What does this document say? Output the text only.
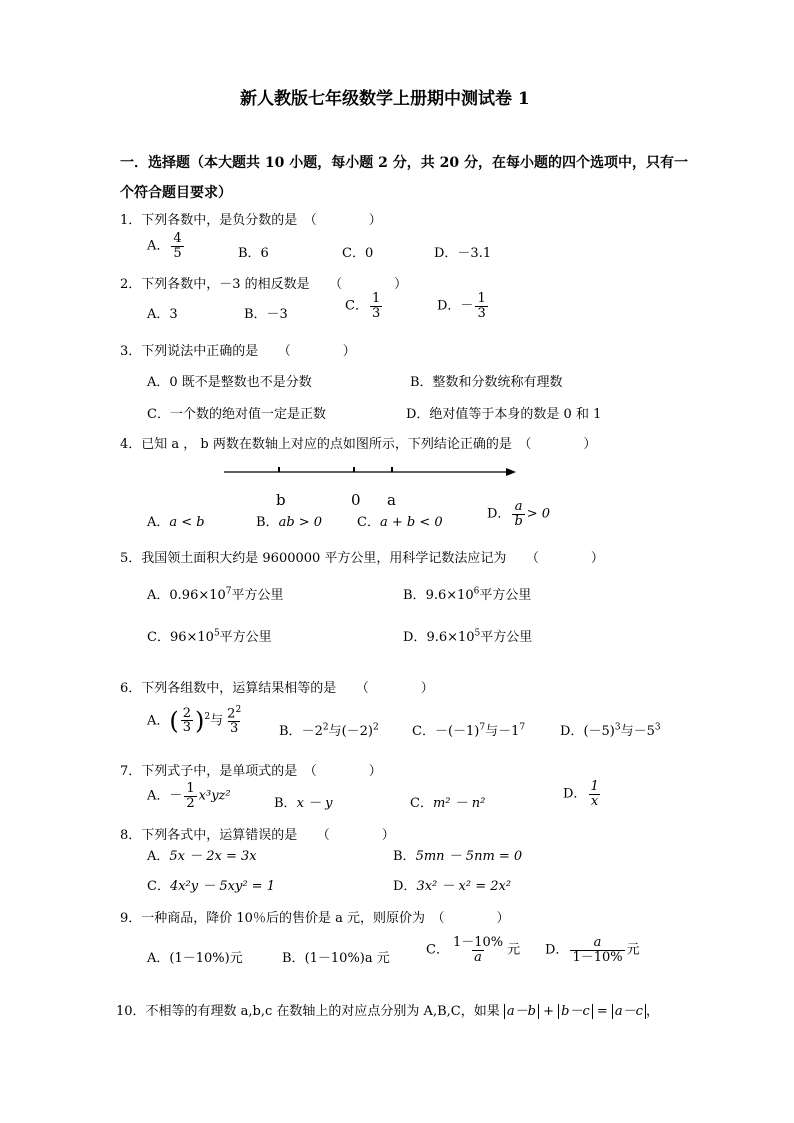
新人教版七年级数学上册期中测试卷 1
一．选择题（本大题共 10 小题，每小题 2 分，共 20 分，在每小题的四个选项中，只有一
个符合题目要求）
1．下列各数中，是负分数的是　（　　　　）
A． $\frac{4}{5}$	B．6	C．0	D．－3.1
2．下列各数中，－3 的相反数是　　（　　　　）
A．3	B．－3
C． $\frac{1}{3}$	D．－ $\frac{1}{3}$
3．下列说法中正确的是　　（　　　　）
A．0 既不是整数也不是分数	B．整数和分数统称有理数
C．一个数的绝对值一定是正数	D．绝对值等于本身的数是 0 和 1
4．已知 a ， b 两数在数轴上对应的点如图所示，下列结论正确的是　（　　　　）
b	0 a
A．a < b	B．ab > 0	C．a + b < 0
D． $\frac{a}{b} > 0$
5．我国领土面积大约是 9600000 平方公里，用科学记数法应记为　　（　　　　）
A．$0.96\times 10^7$平方公里	B．$9.6\times 10^6$平方公里
C．$96\times 10^5$平方公里	D．$9.6\times 10^5$平方公里
6．下列各组数中，运算结果相等的是　　（　　　　）
A．( $\frac{2}{3} )^2$与 $\frac{2^2}{3}$	B．$-2^2$与$(-2)^2$	C．$-(-1)^7$与$-1^7$	D．$(-5)^3$与$-5^3$
7．下列式子中，是单项式的是　（　　　　）
A．－ $\frac{1}{2} x^3yz^2$	B．x － y	C．m² － n²
D． $\frac{1}{x}$
8．下列各式中，运算错误的是　　（　　　　）
A．5x － 2x = 3x	B．5mn － 5nm = 0
C．4x²y － 5xy² = 1	D．3x² － x² = 2x²
9．一种商品，降价 10％后的售价是 a 元，则原价为　（　　　　）
A．(1－10%)元	B．(1－10%)a 元
C． $\frac{1-10\%}{a}$ 元 D． $\frac{a}{1-10\%}$ 元
10．不相等的有理数 a,b,c 在数轴上的对应点分别为 A,B,C，如果 a－b + b－c = a－c ，
